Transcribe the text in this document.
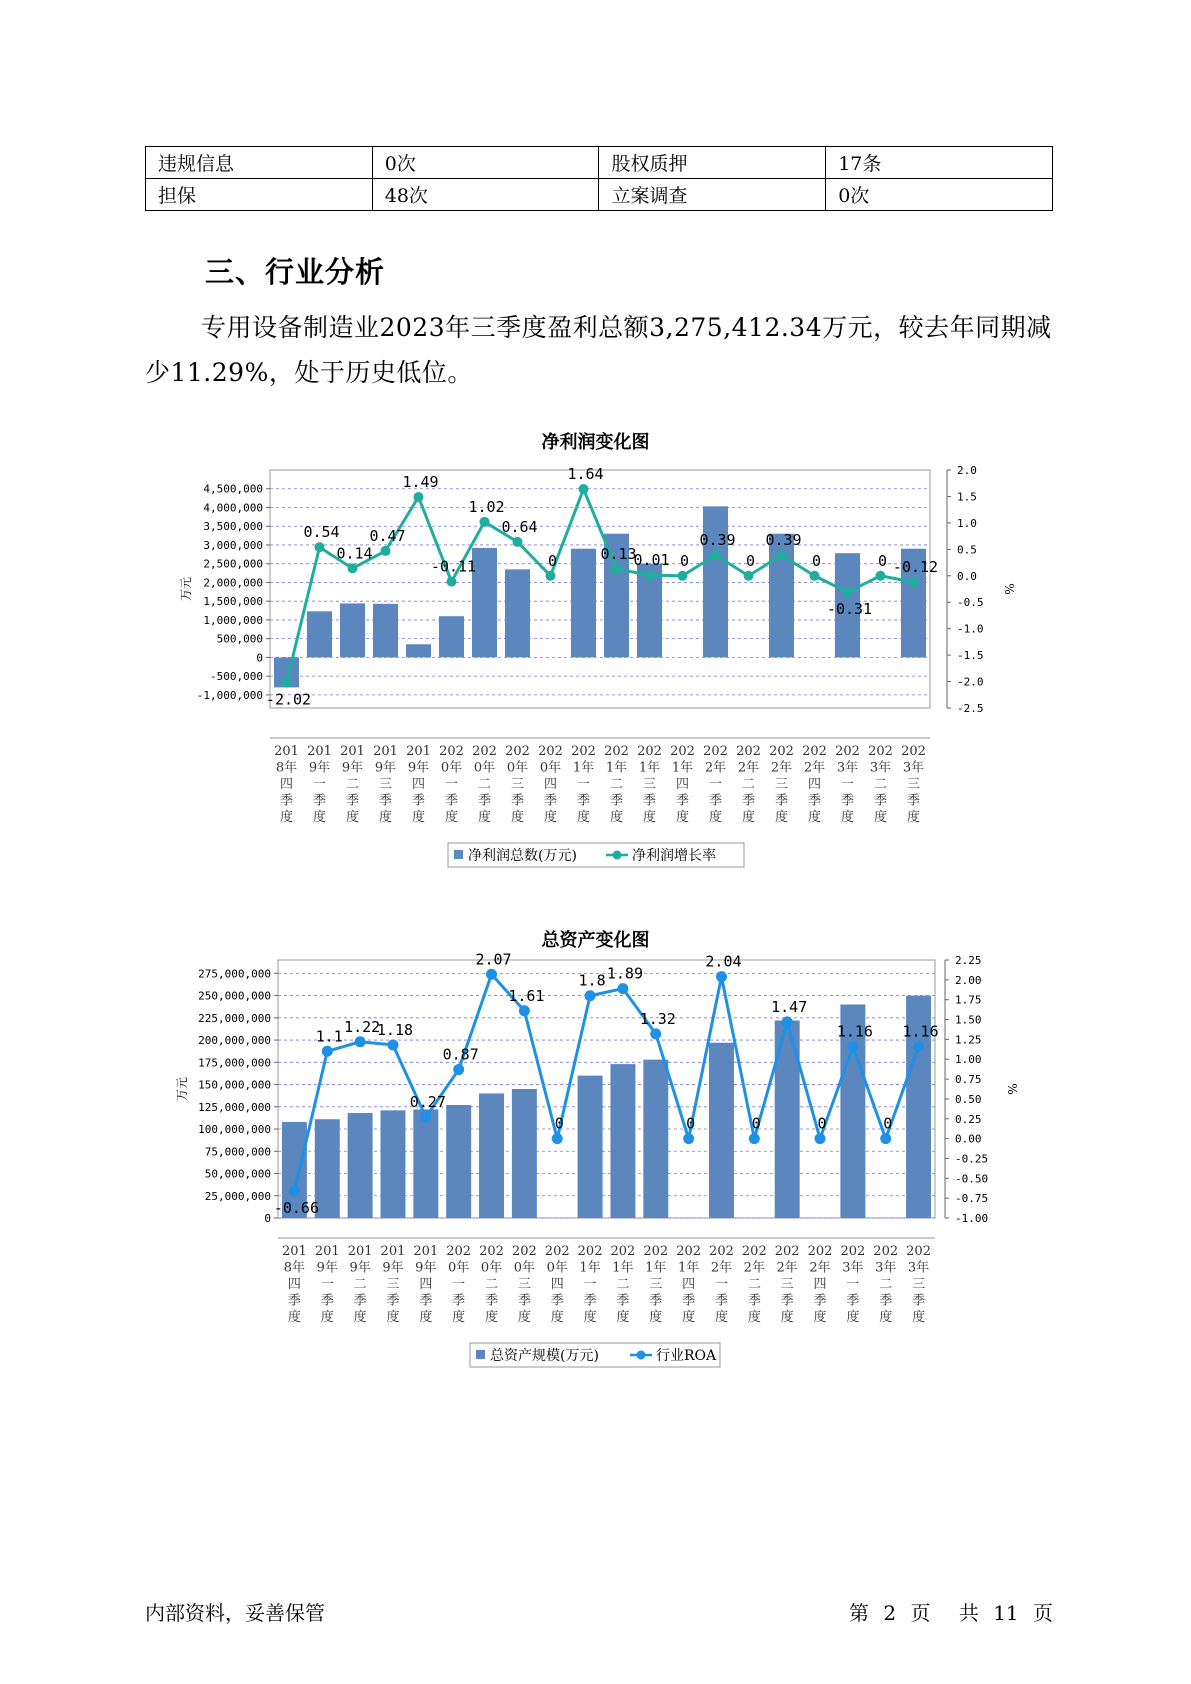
违规信息	0次	股权质押	17条
担保	48次	立案调查	0次
三、行业分析
专用设备制造业2023年三季度盈利总额3,275,412.34万元，较去年同期减少11.29%，处于历史低位。
净利润变化图
4,500,000
4,000,000
3,500,000
3,000,000
2,500,000
2,000,000
1,500,000
1,000,000
500,000
0
-500,000
-1,000,000
2.0
1.5
1.0
0.5
0.0
-0.5
-1.0
-1.5
-2.0
-2.5
万元	%
-2.02
0.54
0.14
0.47
1.49
-0.11
1.02
0.64
0
1.64
0.13
0.01 0
0.39
0
0.39
0
-0.31
0 -0.12
201
8年
四
季
度
201
9年
一
季
度
201
9年
二
季
度
201
9年
三
季
度
201
9年
四
季
度
202
0年
一
季
度
202
0年
二
季
度
202
0年
三
季
度
202
0年
四
季
度
202
1年
一
季
度
202
1年
二
季
度
202
1年
三
季
度
202
1年
四
季
度
202
2年
一
季
度
202
2年
二
季
度
202
2年
三
季
度
202
2年
四
季
度
202
3年
一
季
度
202
3年
二
季
度
202
3年
三
季
度
净利润总数(万元)	净利润增长率
总资产变化图
275,000,000
250,000,000
225,000,000
200,000,000
175,000,000
150,000,000
125,000,000
100,000,000
75,000,000
50,000,000
25,000,000
0
2.25
2.00
1.75
1.50
1.25
1.00
0.75
0.50
0.25
0.00
-0.25
-0.50
-0.75
-1.00
万元	%
-0.66
1.1
1.22
1.18
0.27
0.87
2.07
1.61
0
1.8 1.89
1.32
0
2.04
0
1.47
0
1.16
0
1.16
201
8年
四
季
度
201
9年
一
季
度
201
9年
二
季
度
201
9年
三
季
度
201
9年
四
季
度
202
0年
一
季
度
202
0年
二
季
度
202
0年
三
季
度
202
0年
四
季
度
202
1年
一
季
度
202
1年
二
季
度
202
1年
三
季
度
202
1年
四
季
度
202
2年
一
季
度
202
2年
二
季
度
202
2年
三
季
度
202
2年
四
季
度
202
3年
一
季
度
202
3年
二
季
度
202
3年
三
季
度
总资产规模(万元)	行业ROA
内部资料，妥善保管	第 2 页 共 11 页
